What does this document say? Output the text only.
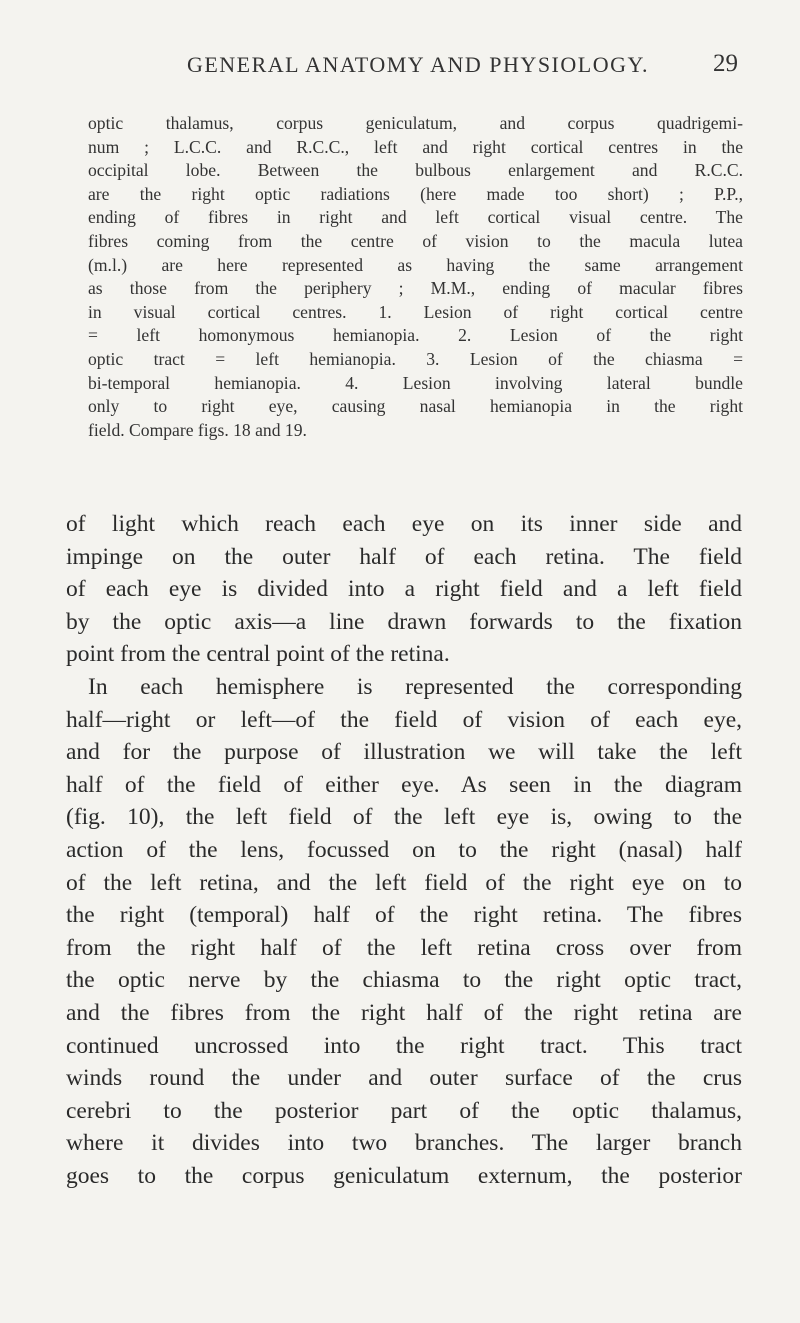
GENERAL ANATOMY AND PHYSIOLOGY.	29

optic thalamus, corpus geniculatum, and corpus quadrigemi-
num ; L.C.C. and R.C.C., left and right cortical centres in the
occipital lobe. Between the bulbous enlargement and R.C.C.
are the right optic radiations (here made too short) ; P.P.,
ending of fibres in right and left cortical visual centre. The
fibres coming from the centre of vision to the macula lutea
(m.l.) are here represented as having the same arrangement
as those from the periphery ; M.M., ending of macular fibres
in visual cortical centres. 1. Lesion of right cortical centre
= left homonymous hemianopia. 2. Lesion of the right
optic tract = left hemianopia. 3. Lesion of the chiasma =
bi-temporal hemianopia. 4. Lesion involving lateral bundle
only to right eye, causing nasal hemianopia in the right
field. Compare figs. 18 and 19.

of light which reach each eye on its inner side and
impinge on the outer half of each retina. The field
of each eye is divided into a right field and a left field
by the optic axis—a line drawn forwards to the fixation
point from the central point of the retina.
In each hemisphere is represented the corresponding
half—right or left—of the field of vision of each eye,
and for the purpose of illustration we will take the left
half of the field of either eye. As seen in the diagram
(fig. 10), the left field of the left eye is, owing to the
action of the lens, focussed on to the right (nasal) half
of the left retina, and the left field of the right eye on to
the right (temporal) half of the right retina. The fibres
from the right half of the left retina cross over from
the optic nerve by the chiasma to the right optic tract,
and the fibres from the right half of the right retina are
continued uncrossed into the right tract. This tract
winds round the under and outer surface of the crus
cerebri to the posterior part of the optic thalamus,
where it divides into two branches. The larger branch
goes to the corpus geniculatum externum, the posterior
